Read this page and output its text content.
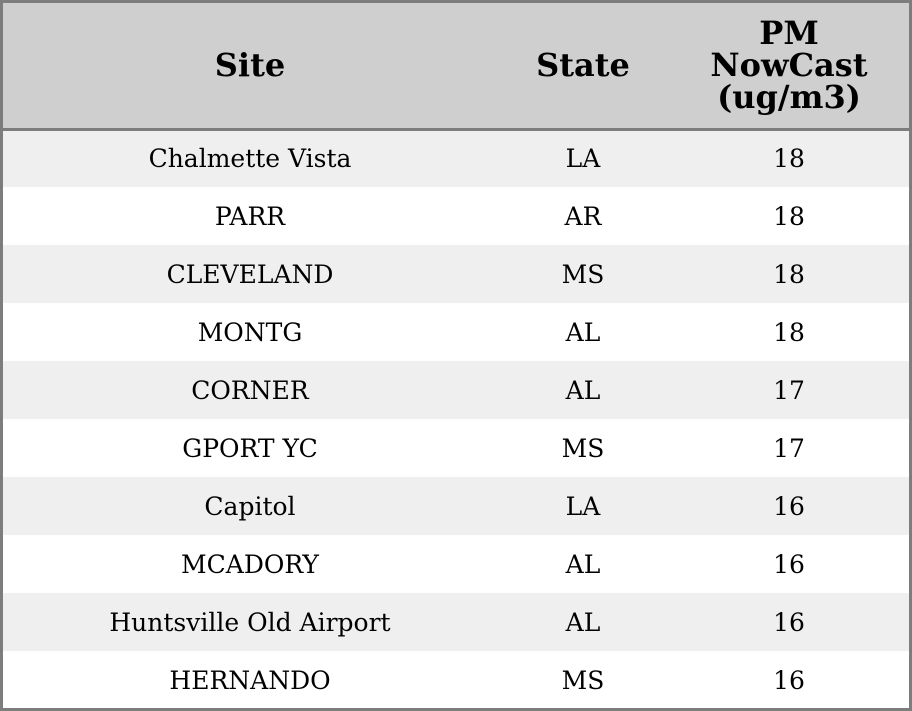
Site	State	PM
NowCast
(ug/m3)

Chalmette Vista	LA	18
PARR	AR	18
CLEVELAND	MS	18
MONTG	AL	18
CORNER	AL	17
GPORT YC	MS	17
Capitol	LA	16
MCADORY	AL	16
Huntsville Old Airport	AL	16
HERNANDO	MS	16
